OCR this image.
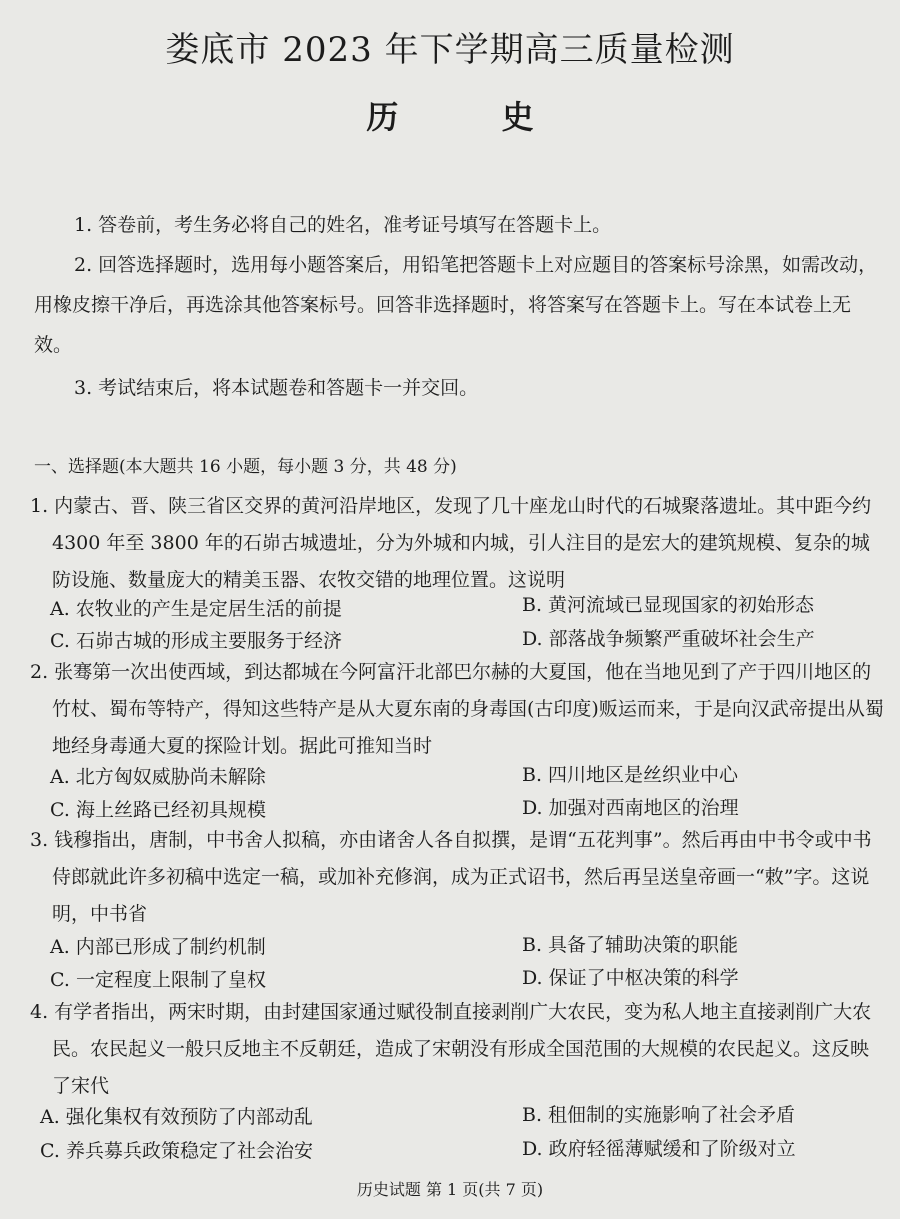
娄底市 2023 年下学期高三质量检测
历 史
1. 答卷前，考生务必将自己的姓名，准考证号填写在答题卡上。
2. 回答选择题时，选用每小题答案后，用铅笔把答题卡上对应题目的答案标号涂黑，如需改动，用橡皮擦干净后，再选涂其他答案标号。回答非选择题时，将答案写在答题卡上。写在本试卷上无效。
3. 考试结束后，将本试题卷和答题卡一并交回。
一、选择题(本大题共 16 小题，每小题 3 分，共 48 分)
1. 内蒙古、晋、陕三省区交界的黄河沿岸地区，发现了几十座龙山时代的石城聚落遗址。其中距今约 4300 年至 3800 年的石峁古城遗址，分为外城和内城，引人注目的是宏大的建筑规模、复杂的城防设施、数量庞大的精美玉器、农牧交错的地理位置。这说明
A. 农牧业的产生是定居生活的前提	B. 黄河流域已显现国家的初始形态
C. 石峁古城的形成主要服务于经济	D. 部落战争频繁严重破坏社会生产
2. 张骞第一次出使西域，到达都城在今阿富汗北部巴尔赫的大夏国，他在当地见到了产于四川地区的竹杖、蜀布等特产，得知这些特产是从大夏东南的身毒国(古印度)贩运而来，于是向汉武帝提出从蜀地经身毒通大夏的探险计划。据此可推知当时
A. 北方匈奴威胁尚未解除	B. 四川地区是丝织业中心
C. 海上丝路已经初具规模	D. 加强对西南地区的治理
3. 钱穆指出，唐制，中书舍人拟稿，亦由诸舍人各自拟撰，是谓“五花判事”。然后再由中书令或中书侍郎就此许多初稿中选定一稿，或加补充修润，成为正式诏书，然后再呈送皇帝画一“敕”字。这说明，中书省
A. 内部已形成了制约机制	B. 具备了辅助决策的职能
C. 一定程度上限制了皇权	D. 保证了中枢决策的科学
4. 有学者指出，两宋时期，由封建国家通过赋役制直接剥削广大农民，变为私人地主直接剥削广大农民。农民起义一般只反地主不反朝廷，造成了宋朝没有形成全国范围的大规模的农民起义。这反映了宋代
A. 强化集权有效预防了内部动乱	B. 租佃制的实施影响了社会矛盾
C. 养兵募兵政策稳定了社会治安	D. 政府轻徭薄赋缓和了阶级对立
历史试题 第 1 页(共 7 页)
